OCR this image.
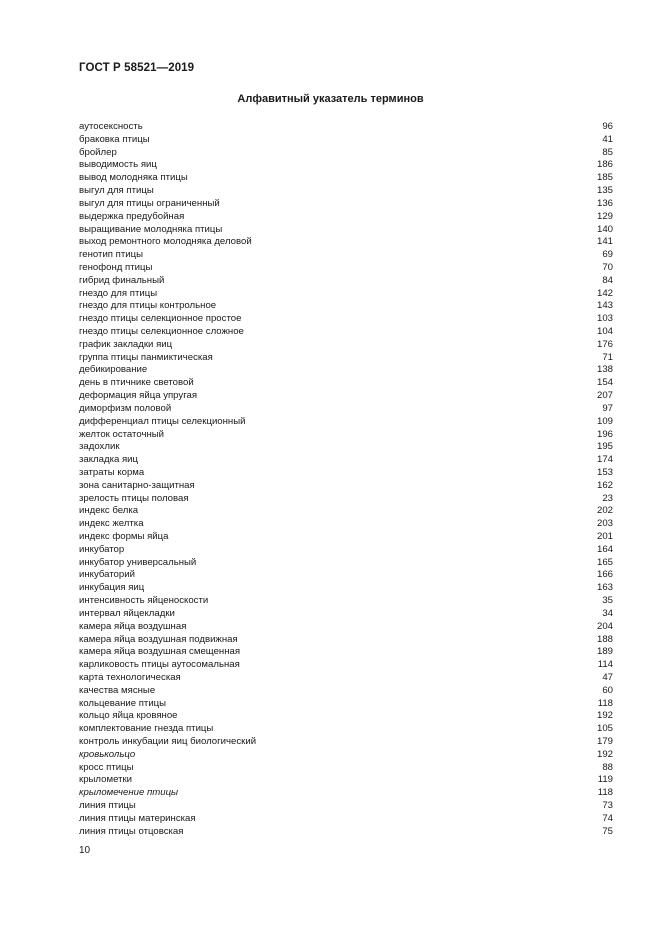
ГОСТ Р 58521—2019
Алфавитный указатель терминов
аутосексность	96
браковка птицы	41
бройлер	85
выводимость яиц	186
вывод молодняка птицы	185
выгул для птицы	135
выгул для птицы ограниченный	136
выдержка предубойная	129
выращивание молодняка птицы	140
выход ремонтного молодняка деловой	141
генотип птицы	69
генофонд птицы	70
гибрид финальный	84
гнездо для птицы	142
гнездо для птицы контрольное	143
гнездо птицы селекционное простое	103
гнездо птицы селекционное сложное	104
график закладки яиц	176
группа птицы панмиктическая	71
дебикирование	138
день в птичнике световой	154
деформация яйца упругая	207
диморфизм половой	97
дифференциал птицы селекционный	109
желток остаточный	196
задохлик	195
закладка яиц	174
затраты корма	153
зона санитарно-защитная	162
зрелость птицы половая	23
индекс белка	202
индекс желтка	203
индекс формы яйца	201
инкубатор	164
инкубатор универсальный	165
инкубаторий	166
инкубация яиц	163
интенсивность яйценоскости	35
интервал яйцекладки	34
камера яйца воздушная	204
камера яйца воздушная подвижная	188
камера яйца воздушная смещенная	189
карликовость птицы аутосомальная	114
карта технологическая	47
качества мясные	60
кольцевание птицы	118
кольцо яйца кровяное	192
комплектование гнезда птицы	105
контроль инкубации яиц биологический	179
кровькольцо	192
кросс птицы	88
крылометки	119
крыломечение птицы	118
линия птицы	73
линия птицы материнская	74
линия птицы отцовская	75
10
